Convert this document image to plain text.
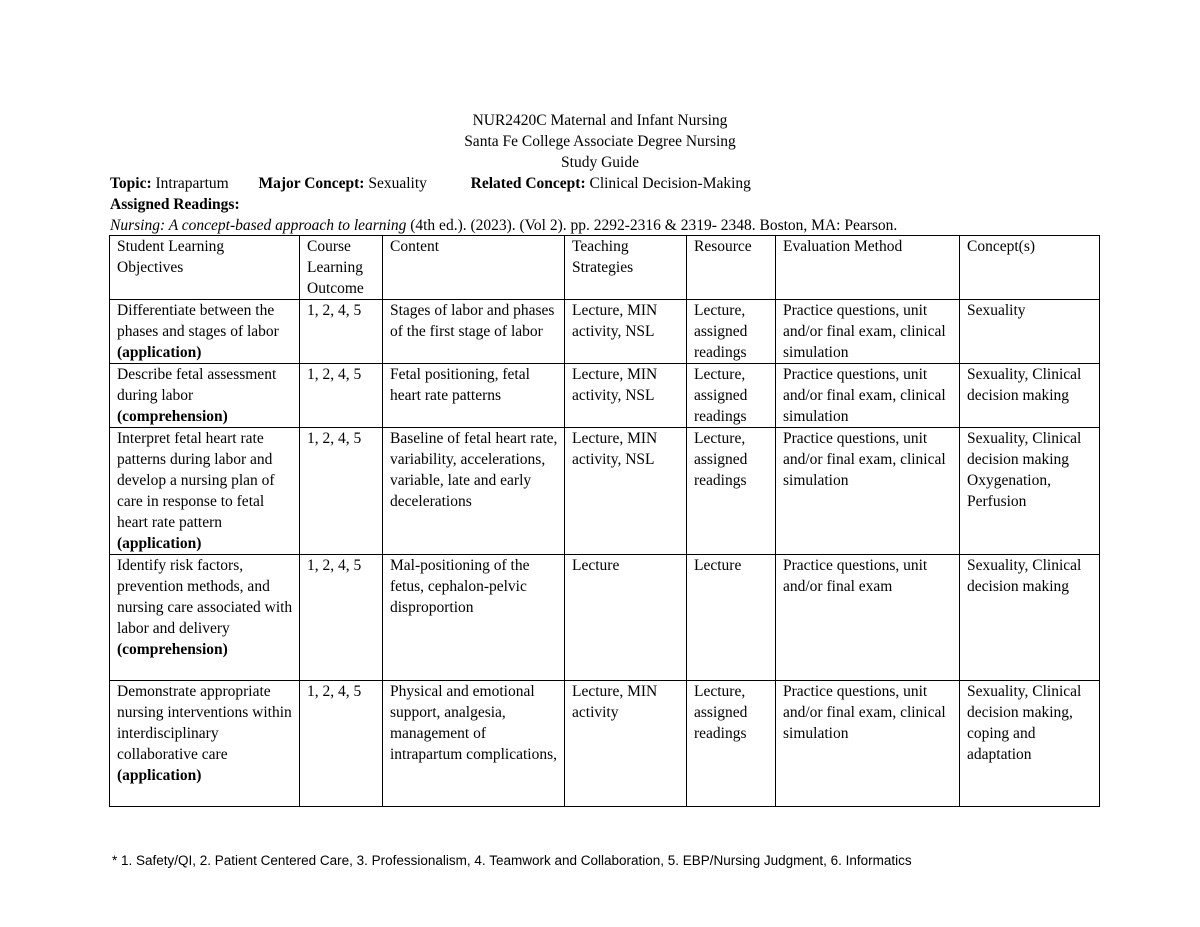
NUR2420C Maternal and Infant Nursing
Santa Fe College Associate Degree Nursing
Study Guide
Topic: Intrapartum Major Concept: Sexuality	Related Concept: Clinical Decision-Making
Assigned Readings:
Nursing: A concept-based approach to learning (4th ed.). (2023). (Vol 2). pp. 2292-2316 & 2319- 2348. Boston, MA: Pearson.
Student Learning Objectives	Course Learning Outcome	Content	Teaching Strategies	Resource	Evaluation Method	Concept(s)
Differentiate between the phases and stages of labor (application)	1, 2, 4, 5	Stages of labor and phases of the first stage of labor	Lecture, MIN activity, NSL	Lecture, assigned readings	Practice questions, unit and/or final exam, clinical simulation	Sexuality
Describe fetal assessment during labor (comprehension)	1, 2, 4, 5	Fetal positioning, fetal heart rate patterns	Lecture, MIN activity, NSL	Lecture, assigned readings	Practice questions, unit and/or final exam, clinical simulation	Sexuality, Clinical decision making
Interpret fetal heart rate patterns during labor and develop a nursing plan of care in response to fetal heart rate pattern (application)	1, 2, 4, 5	Baseline of fetal heart rate, variability, accelerations, variable, late and early decelerations	Lecture, MIN activity, NSL	Lecture, assigned readings	Practice questions, unit and/or final exam, clinical simulation	Sexuality, Clinical decision making Oxygenation, Perfusion
Identify risk factors, prevention methods, and nursing care associated with labor and delivery (comprehension)	1, 2, 4, 5	Mal-positioning of the fetus, cephalon-pelvic disproportion	Lecture	Lecture	Practice questions, unit and/or final exam	Sexuality, Clinical decision making
Demonstrate appropriate nursing interventions within interdisciplinary collaborative care (application)	1, 2, 4, 5	Physical and emotional support, analgesia, management of intrapartum complications,	Lecture, MIN activity	Lecture, assigned readings	Practice questions, unit and/or final exam, clinical simulation	Sexuality, Clinical decision making, coping and adaptation
* 1. Safety/QI, 2. Patient Centered Care, 3. Professionalism, 4. Teamwork and Collaboration, 5. EBP/Nursing Judgment, 6. Informatics
